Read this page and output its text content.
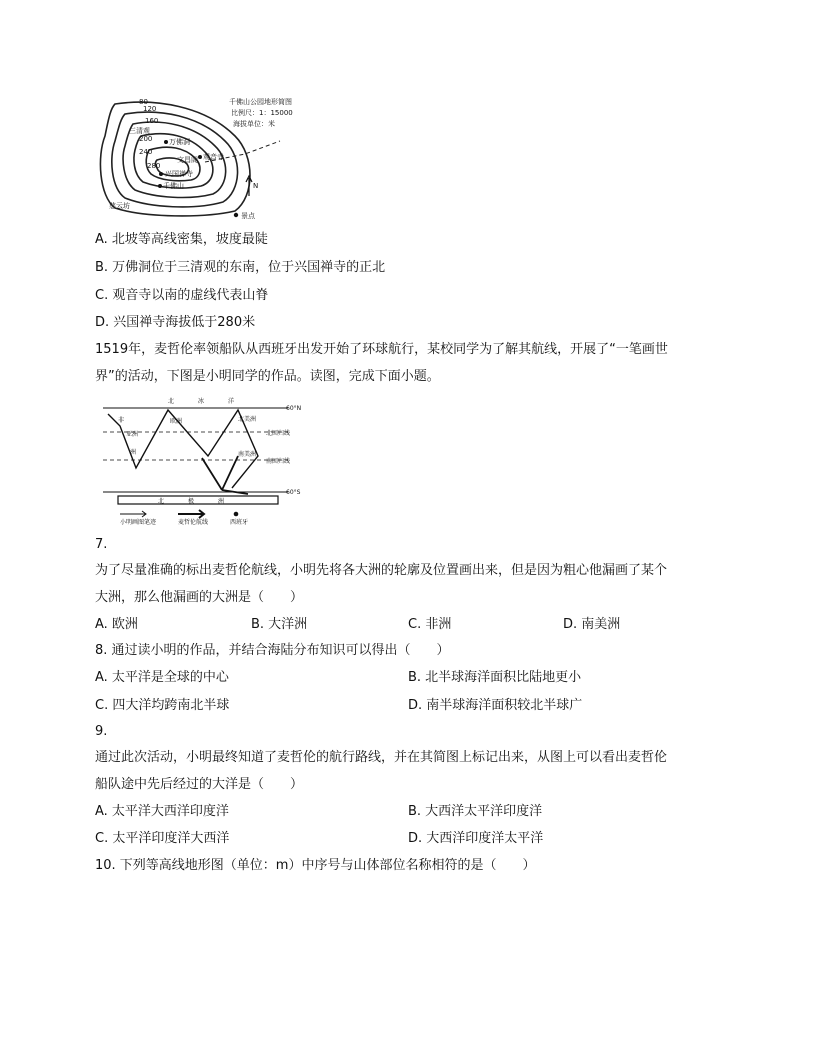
80
120
160
200
240
280
三清观
万佛洞
文昌阁 观音寺
兴国禅寺
千佛山
慈云坊
千佛山公园地形简图
比例尺：1：15000
海拔单位：米
N
景点
A. 北坡等高线密集，坡度最陡
B. 万佛洞位于三清观的东南，位于兴国禅寺的正北
C. 观音寺以南的虚线代表山脊
D. 兴国禅寺海拔低于280米
1519年，麦哲伦率领船队从西班牙出发开始了环球航行，某校同学为了解其航线，开展了“一笔画世
界”的活动，下图是小明同学的作品。读图，完成下面小题。
北	冰	洋
亚洲
非
洲
欧洲	北美洲
南美洲
北回归线
南回归线
北	极	洲
60°N
60°S
小明画图笔迹	麦哲伦航线	西班牙
7.
为了尽量准确的标出麦哲伦航线，小明先将各大洲的轮廓及位置画出来，但是因为粗心他漏画了某个
大洲，那么他漏画的大洲是（　　）
A. 欧洲	B. 大洋洲	C. 非洲	D. 南美洲
8. 通过读小明的作品，并结合海陆分布知识可以得出（　　）
A. 太平洋是全球的中心	B. 北半球海洋面积比陆地更小
C. 四大洋均跨南北半球	D. 南半球海洋面积较北半球广
9.
通过此次活动，小明最终知道了麦哲伦的航行路线，并在其简图上标记出来，从图上可以看出麦哲伦
船队途中先后经过的大洋是（　　）
A. 太平洋大西洋印度洋	B. 大西洋太平洋印度洋
C. 太平洋印度洋大西洋	D. 大西洋印度洋太平洋
10. 下列等高线地形图（单位：m）中序号与山体部位名称相符的是（　　）
